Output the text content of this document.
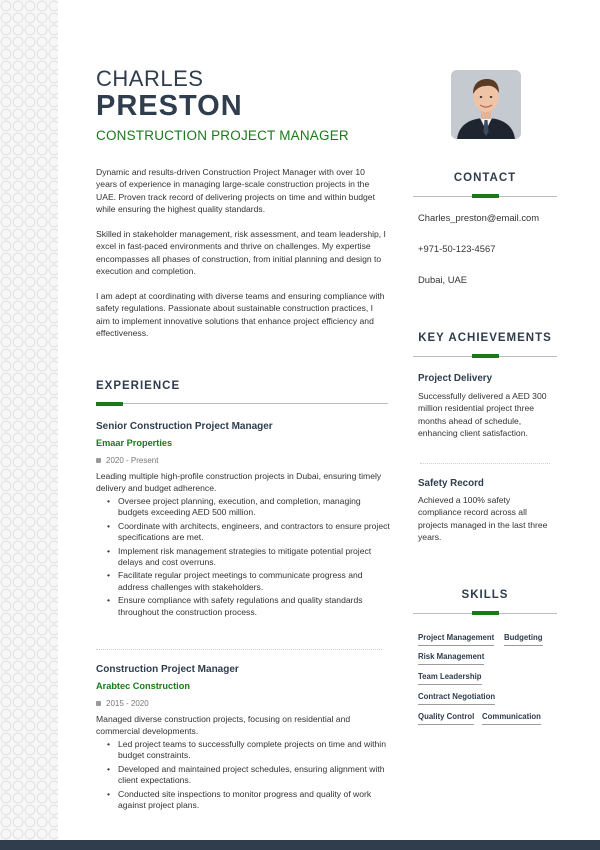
CHARLES
PRESTON
CONSTRUCTION PROJECT MANAGER

Dynamic and results-driven Construction Project Manager with over 10 years of experience in managing large-scale construction projects in the UAE. Proven track record of delivering projects on time and within budget while ensuring the highest quality standards.

Skilled in stakeholder management, risk assessment, and team leadership, I excel in fast-paced environments and thrive on challenges. My expertise encompasses all phases of construction, from initial planning and design to execution and completion.

I am adept at coordinating with diverse teams and ensuring compliance with safety regulations. Passionate about sustainable construction practices, I aim to implement innovative solutions that enhance project efficiency and effectiveness.

EXPERIENCE
Senior Construction Project Manager
Emaar Properties
2020 - Present
Leading multiple high-profile construction projects in Dubai, ensuring timely delivery and budget adherence.
• Oversee project planning, execution, and completion, managing budgets exceeding AED 500 million.
• Coordinate with architects, engineers, and contractors to ensure project specifications are met.
• Implement risk management strategies to mitigate potential project delays and cost overruns.
• Facilitate regular project meetings to communicate progress and address challenges with stakeholders.
• Ensure compliance with safety regulations and quality standards throughout the construction process.
Construction Project Manager
Arabtec Construction
2015 - 2020
Managed diverse construction projects, focusing on residential and commercial developments.
• Led project teams to successfully complete projects on time and within budget constraints.
• Developed and maintained project schedules, ensuring alignment with client expectations.
• Conducted site inspections to monitor progress and quality of work against project plans.
CONTACT
Charles_preston@email.com
+971-50-123-4567
Dubai, UAE
KEY ACHIEVEMENTS
Project Delivery
Successfully delivered a AED 300 million residential project three months ahead of schedule, enhancing client satisfaction.
Safety Record
Achieved a 100% safety compliance record across all projects managed in the last three years.
SKILLS
Project Management Budgeting
Risk Management
Team Leadership
Contract Negotiation
Quality Control Communication
